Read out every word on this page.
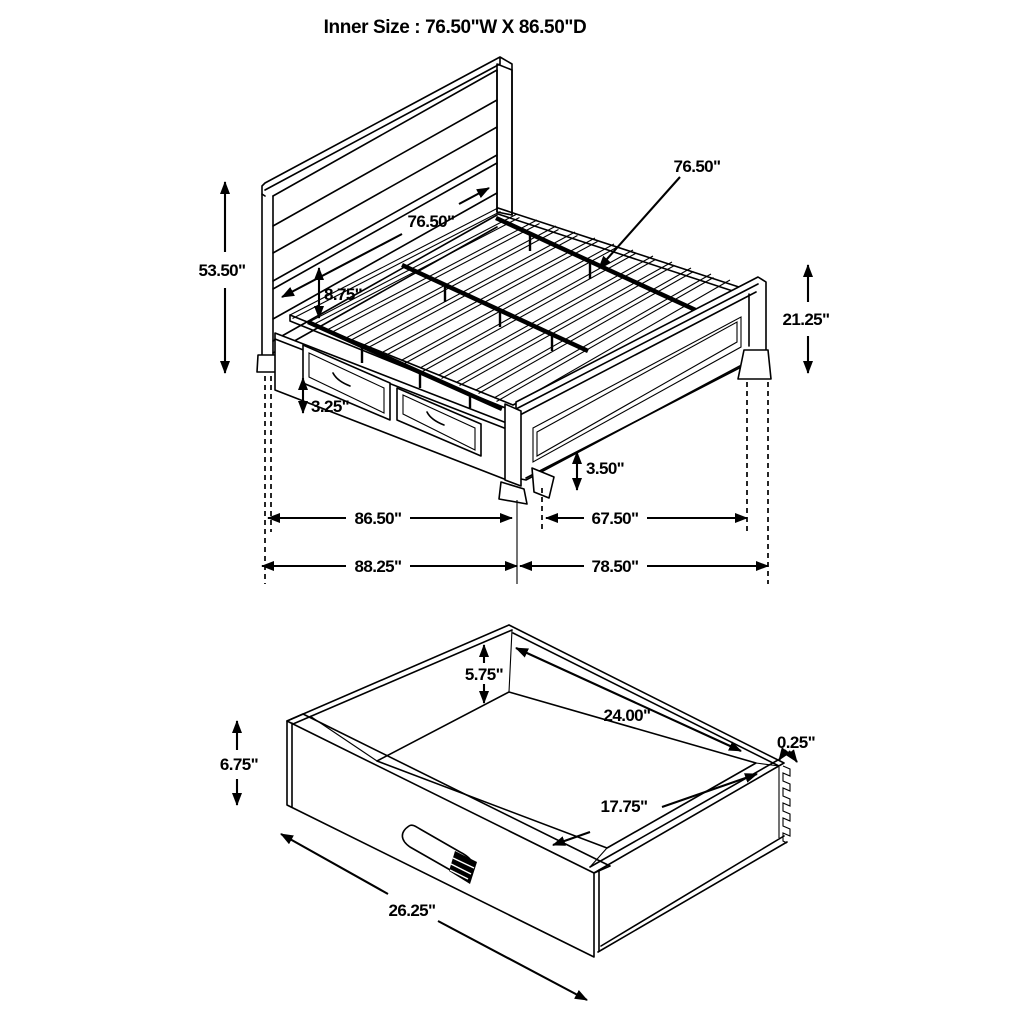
Inner Size : 76.50"W X 86.50"D
53.50"
76.50"
8.75"
3.25"
76.50"
21.25"
3.50"
86.50"	67.50"
88.25"	78.50"
5.75"
24.00"
6.75"
0.25"
17.75"
26.25"
